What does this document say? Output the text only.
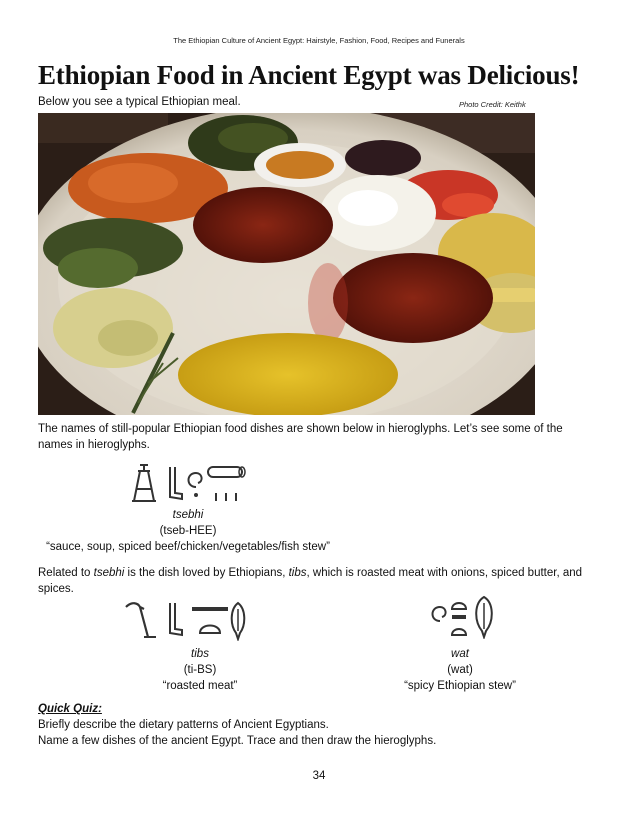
The Ethiopian Culture of Ancient Egypt: Hairstyle, Fashion, Food, Recipes and Funerals
Ethiopian Food in Ancient Egypt was Delicious!
Below you see a typical Ethiopian meal.	Photo Credit: Keithk
The names of still-popular Ethiopian food dishes are shown below in hieroglyphs. Let’s see some of the names in hieroglyphs.
tsebhi
(tseb-HEE)
“sauce, soup, spiced beef/chicken/vegetables/fish stew”
Related to tsebhi is the dish loved by Ethiopians, tibs, which is roasted meat with onions, spiced butter, and spices.
tibs
(ti-BS)
“roasted meat”
wat
(wat)
“spicy Ethiopian stew”
Quick Quiz:
Briefly describe the dietary patterns of Ancient Egyptians.
Name a few dishes of the ancient Egypt. Trace and then draw the hieroglyphs.
34
